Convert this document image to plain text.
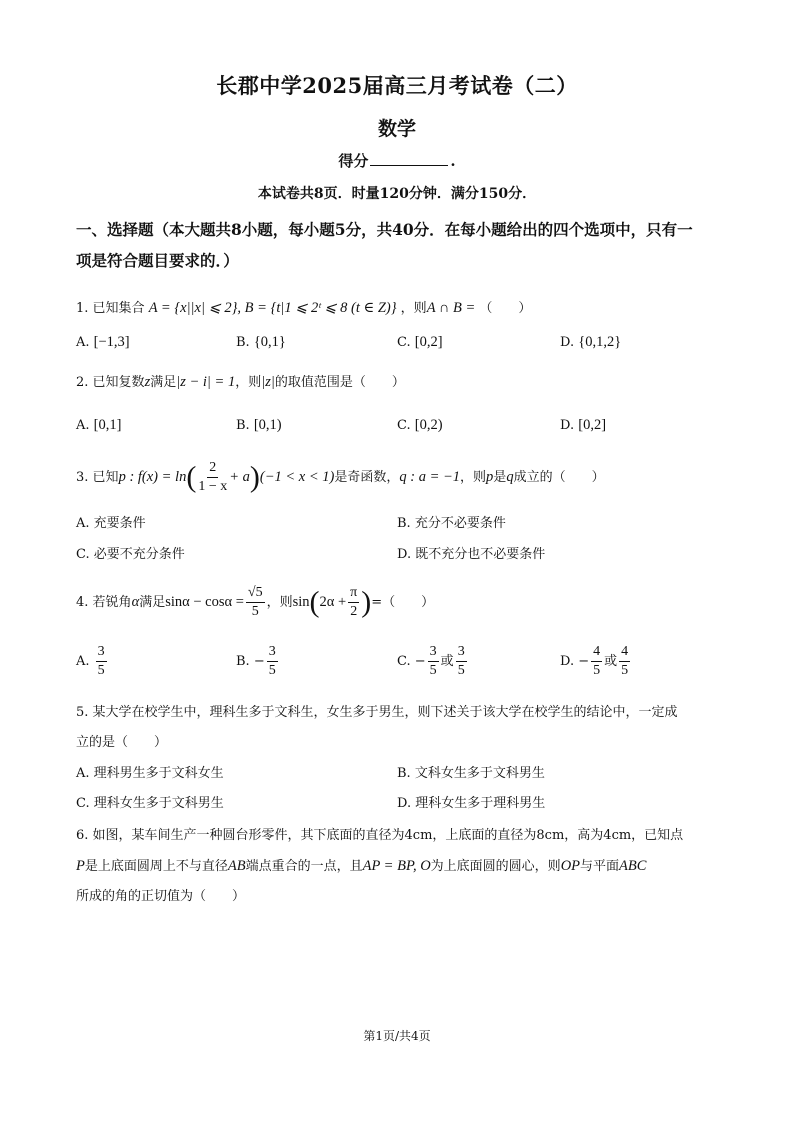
长郡中学2025届高三月考试卷（二）
数学
得分	.
本试卷共8页．时量120分钟．满分150分．
一、选择题（本大题共8小题，每小题5分，共40分．在每小题给出的四个选项中，只有一
项是符合题目要求的．）
1. 已知集合 A = {x||x| ⩽ 2}, B = {t|1 ⩽ 2ᵗ ⩽ 8 (t ∈ Z)} ，则A ∩ B = （　　）
A. [−1,3]	B. {0,1}	C. [0,2]	D. {0,1,2}
2. 已知复数z满足|z − i| = 1，则|z|的取值范围是（　　）
A. [0,1]	B. [0,1)	C. [0,2)	D. [0,2]
3. 已知p : $f(x) = \ln( \frac{2}{1 - x} + a)(-1 < x < 1)$是奇函数，q : a = −1，则p是q成立的（　　）
A. 充要条件	B. 充分不必要条件
C. 必要不充分条件	D. 既不充分也不必要条件
4. 若锐角α满足$\sin\alpha - \cos\alpha = \frac{√5}{5}$ ，则$\sin(2\alpha + \frac{\pi}{2}$ )=（　　）
A. $\frac{3}{5}$	B. − $\frac{3}{5}$	C. − $\frac{3}{5}$ 或 $\frac{3}{5}$	D. − $\frac{4}{5}$ 或 $\frac{4}{5}$
5. 某大学在校学生中，理科生多于文科生，女生多于男生，则下述关于该大学在校学生的结论中，一定成
立的是（　　）
A. 理科男生多于文科女生	B. 文科女生多于文科男生
C. 理科女生多于文科男生	D. 理科女生多于理科男生
6. 如图，某车间生产一种圆台形零件，其下底面的直径为4cm，上底面的直径为8cm，高为4cm，已知点
P是上底面圆周上不与直径AB端点重合的一点，且AP = BP, O为上底面圆的圆心，则OP与平面ABC
所成的角的正切值为（　　）
第1页/共4页
